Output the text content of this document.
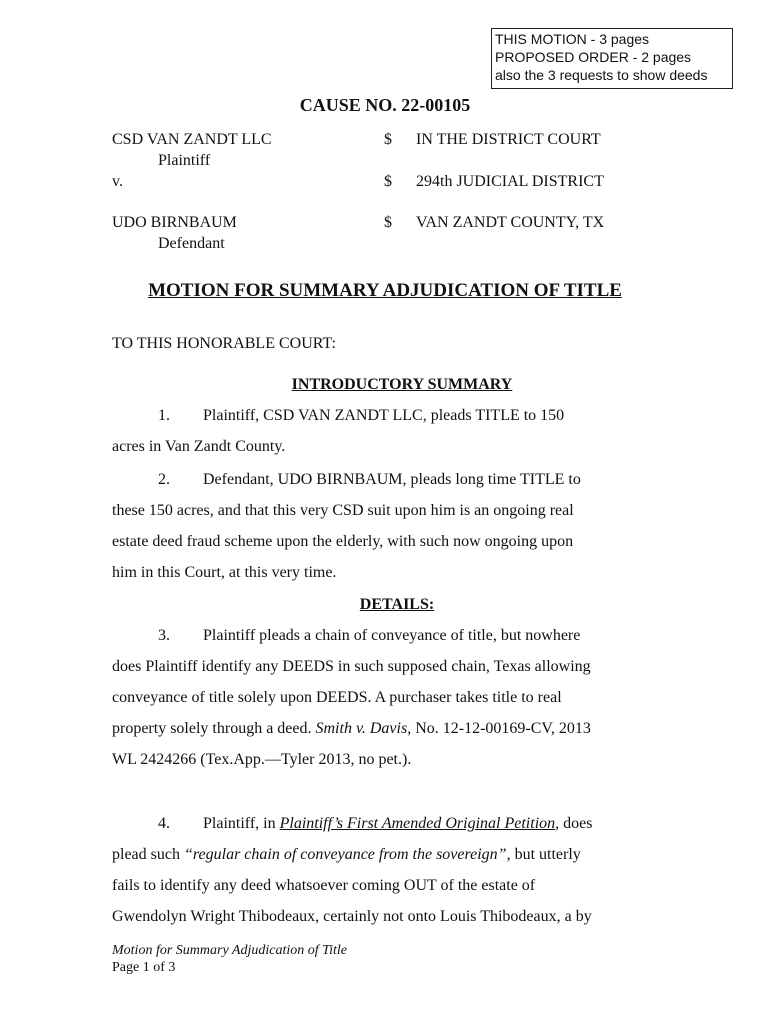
THIS MOTION - 3 pages
PROPOSED ORDER - 2 pages
also the 3 requests to show deeds
CAUSE NO. 22-00105
CSD VAN ZANDT LLC
Plaintiff
v.
UDO BIRNBAUM
Defendant
$
$
$
IN THE DISTRICT COURT
294th JUDICIAL DISTRICT
VAN ZANDT COUNTY, TX
MOTION FOR SUMMARY ADJUDICATION OF TITLE
TO THIS HONORABLE COURT:
INTRODUCTORY SUMMARY
1. Plaintiff, CSD VAN ZANDT LLC, pleads TITLE to 150
acres in Van Zandt County.
2. Defendant, UDO BIRNBAUM, pleads long time TITLE to
these 150 acres, and that this very CSD suit upon him is an ongoing real
estate deed fraud scheme upon the elderly, with such now ongoing upon
him in this Court, at this very time.
DETAILS:
3. Plaintiff pleads a chain of conveyance of title, but nowhere
does Plaintiff identify any DEEDS in such supposed chain, Texas allowing
conveyance of title solely upon DEEDS. A purchaser takes title to real
property solely through a deed. Smith v. Davis, No. 12-12-00169-CV, 2013
WL 2424266 (Tex.App.—Tyler 2013, no pet.).
4. Plaintiff, in Plaintiff’s First Amended Original Petition, does
plead such “regular chain of conveyance from the sovereign”, but utterly
fails to identify any deed whatsoever coming OUT of the estate of
Gwendolyn Wright Thibodeaux, certainly not onto Louis Thibodeaux, a by
Motion for Summary Adjudication of Title
Page 1 of 3
